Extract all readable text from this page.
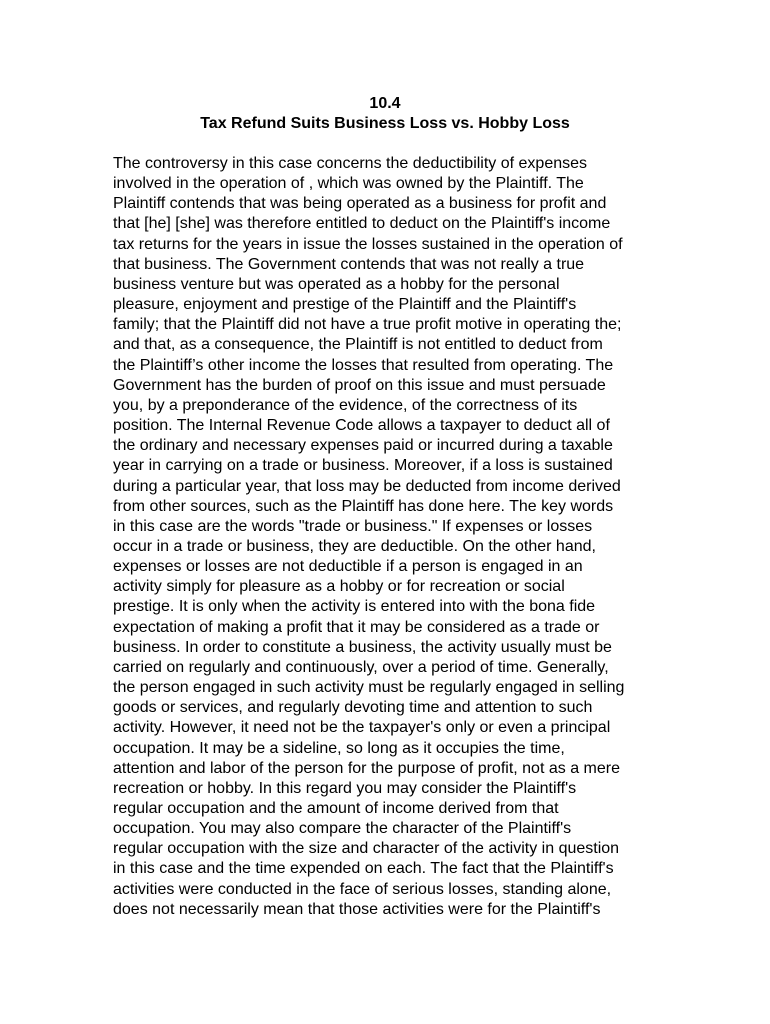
10.4
Tax Refund Suits Business Loss vs. Hobby Loss
The controversy in this case concerns the deductibility of expenses
involved in the operation of , which was owned by the Plaintiff. The
Plaintiff contends that was being operated as a business for profit and
that [he] [she] was therefore entitled to deduct on the Plaintiff's income
tax returns for the years in issue the losses sustained in the operation of
that business. The Government contends that was not really a true
business venture but was operated as a hobby for the personal
pleasure, enjoyment and prestige of the Plaintiff and the Plaintiff's
family; that the Plaintiff did not have a true profit motive in operating the;
and that, as a consequence, the Plaintiff is not entitled to deduct from
the Plaintiff’s other income the losses that resulted from operating. The
Government has the burden of proof on this issue and must persuade
you, by a preponderance of the evidence, of the correctness of its
position. The Internal Revenue Code allows a taxpayer to deduct all of
the ordinary and necessary expenses paid or incurred during a taxable
year in carrying on a trade or business. Moreover, if a loss is sustained
during a particular year, that loss may be deducted from income derived
from other sources, such as the Plaintiff has done here. The key words
in this case are the words "trade or business." If expenses or losses
occur in a trade or business, they are deductible. On the other hand,
expenses or losses are not deductible if a person is engaged in an
activity simply for pleasure as a hobby or for recreation or social
prestige. It is only when the activity is entered into with the bona fide
expectation of making a profit that it may be considered as a trade or
business. In order to constitute a business, the activity usually must be
carried on regularly and continuously, over a period of time. Generally,
the person engaged in such activity must be regularly engaged in selling
goods or services, and regularly devoting time and attention to such
activity. However, it need not be the taxpayer's only or even a principal
occupation. It may be a sideline, so long as it occupies the time,
attention and labor of the person for the purpose of profit, not as a mere
recreation or hobby. In this regard you may consider the Plaintiff's
regular occupation and the amount of income derived from that
occupation. You may also compare the character of the Plaintiff's
regular occupation with the size and character of the activity in question
in this case and the time expended on each. The fact that the Plaintiff's
activities were conducted in the face of serious losses, standing alone,
does not necessarily mean that those activities were for the Plaintiff's
